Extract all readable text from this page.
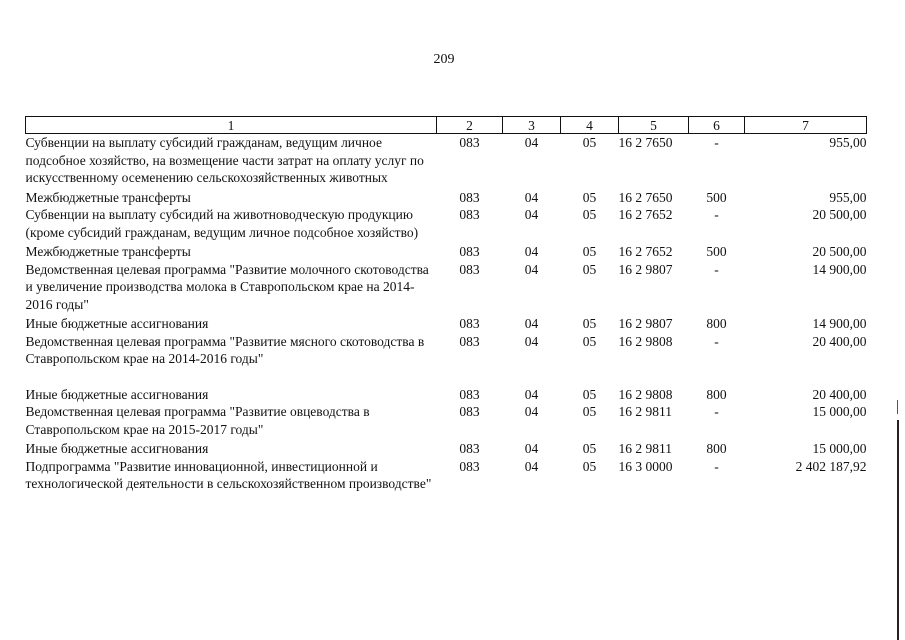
209
1	2	3	4	5	6	7
Субвенции на выплату субсидий гражданам, ведущим личное подсобное хозяйство, на возмещение части затрат на оплату услуг по искусственному осеменению сельскохозяйственных животных	083	04	05	16 2 7650	-	955,00
Межбюджетные трансферты	083	04	05	16 2 7650	500	955,00
Субвенции на выплату субсидий на животноводческую продукцию (кроме субсидий гражданам, ведущим личное подсобное хозяйство)	083	04	05	16 2 7652	-	20 500,00
Межбюджетные трансферты	083	04	05	16 2 7652	500	20 500,00
Ведомственная целевая программа "Развитие молочного скотоводства и увеличение производства молока в Ставропольском крае на 2014-2016 годы"	083	04	05	16 2 9807	-	14 900,00
Иные бюджетные ассигнования	083	04	05	16 2 9807	800	14 900,00
Ведомственная целевая программа "Развитие мясного скотоводства в Ставропольском крае на 2014-2016 годы"	083	04	05	16 2 9808	-	20 400,00

Иные бюджетные ассигнования	083	04	05	16 2 9808	800	20 400,00
Ведомственная целевая программа "Развитие овцеводства в Ставропольском крае на 2015-2017 годы"	083	04	05	16 2 9811	-	15 000,00
Иные бюджетные ассигнования	083	04	05	16 2 9811	800	15 000,00
Подпрограмма "Развитие инновационной, инвестиционной и технологической деятельности в сельскохозяйственном производстве"	083	04	05	16 3 0000	-	2 402 187,92
